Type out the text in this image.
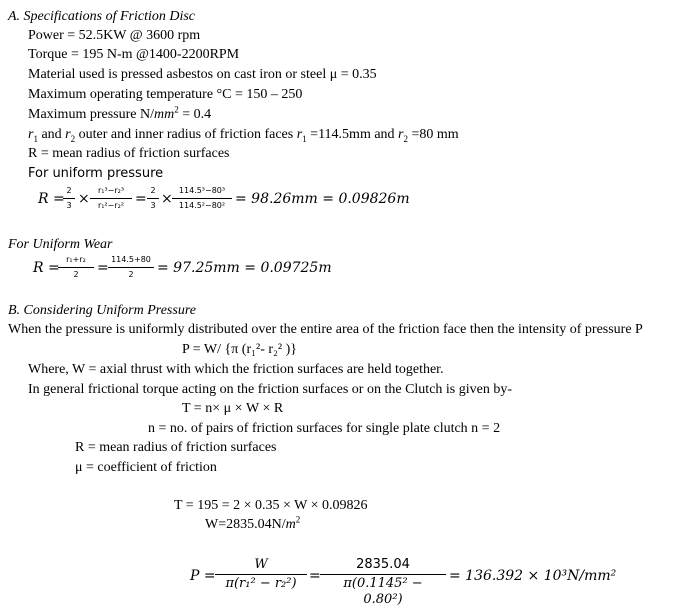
A. Specifications of Friction Disc
Power = 52.5KW @ 3600 rpm
Torque = 195 N-m @1400-2200RPM
Material used is pressed asbestos on cast iron or steel μ = 0.35
Maximum operating temperature °C = 150 – 250
Maximum pressure $N/mm^2 = 0.4$
$r_1$ and $r_2$ outer and inner radius of friction faces $r_1 =114.5mm$ and $r_2 =80$ mm
R = mean radius of friction surfaces
For uniform pressure
R =
$\frac{2}{3} \times \frac{\text{r₁³−r₂³}}{\text{r₁²−r₂²}} = \frac{2}{3} \times \frac{\text{114.5³−80³}}{\text{114.5²−80²}} = 98.26mm = 0.09826m$
For Uniform Wear
R =
$\frac{\text{r₁+r₂}}{2} = \frac{114.5+80}{2} = 97.25mm = 0.09725m$
B. Considering Uniform Pressure
When the pressure is uniformly distributed over the entire area of the friction face then the intensity of pressure P
P = W/ {π (r₁²- r₂² )}
Where, W = axial thrust with which the friction surfaces are held together.
In general frictional torque acting on the friction surfaces or on the Clutch is given by-
T = n× μ × W × R
n = no. of pairs of friction surfaces for single plate clutch n = 2
R = mean radius of friction surfaces
μ = coefficient of friction
T = 195 = 2 × 0.35 × W × 0.09826
$W=2835.04N/m^2$
$P = \frac{W}{\text{π(r₁² − r₂²)}} = \frac{2835.04}{\text{π(0.1145² − 0.80²)}} = 136.392 \times 10^3N/mm^2$
